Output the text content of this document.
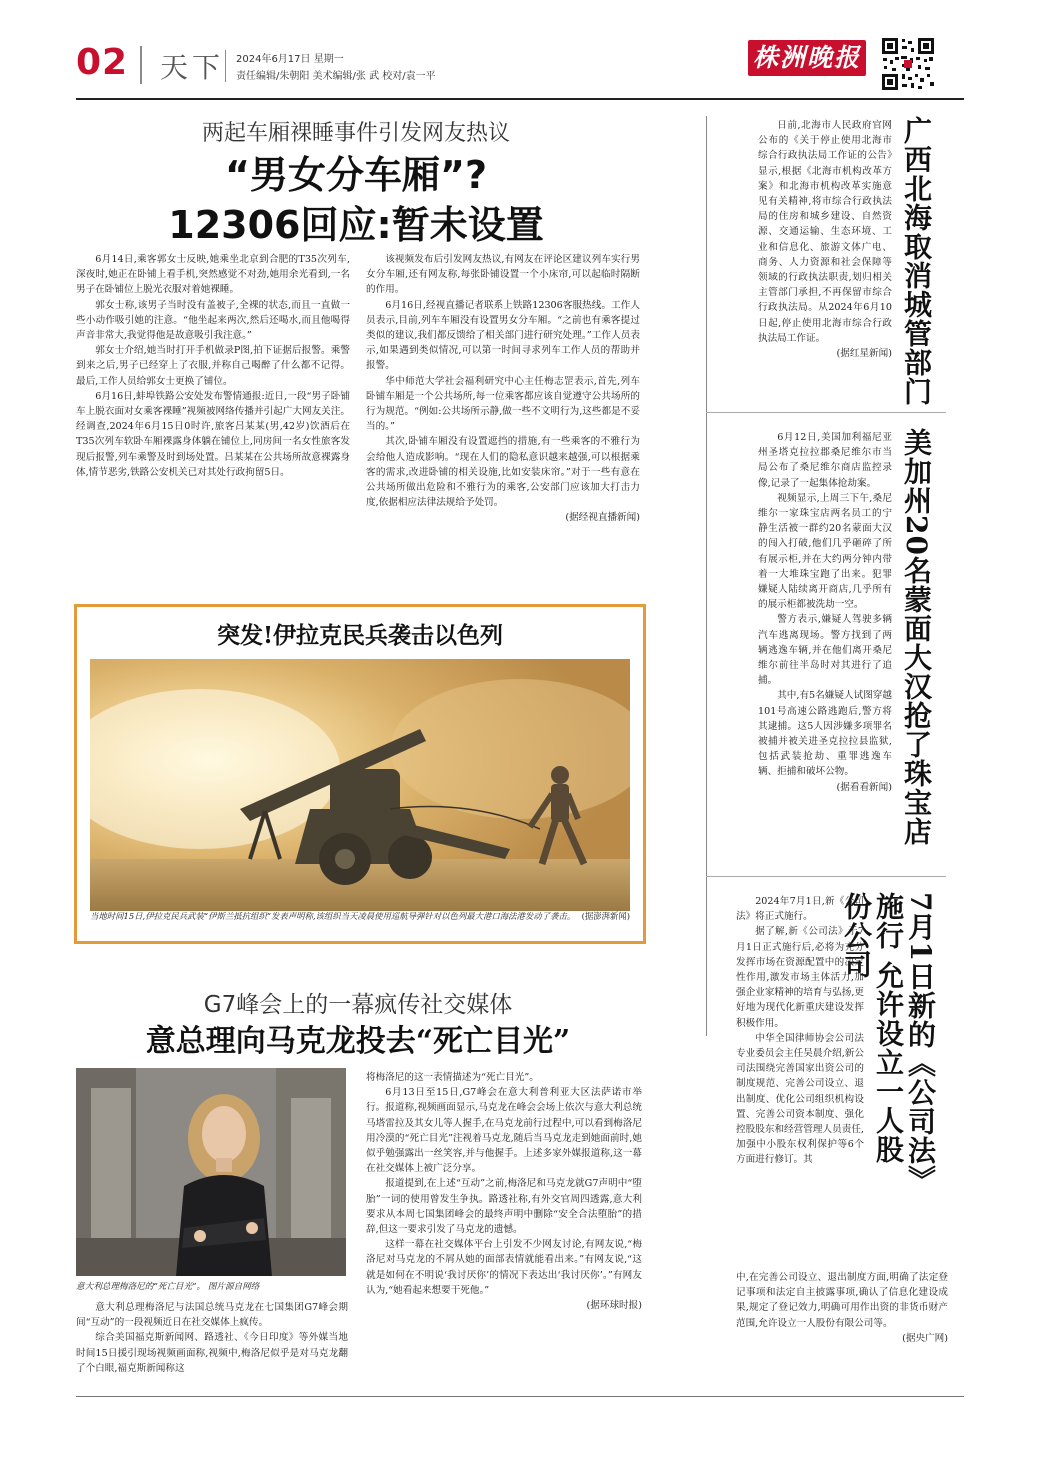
02 天下 2024年6月17日 星期一
责任编辑/朱朝阳 美术编辑/张 武 校对/袁一平
株洲晚报
两起车厢裸睡事件引发网友热议
“男女分车厢”?
12306回应:暂未设置

6月14日,乘客郭女士反映,她乘坐北京到合肥的T35次列车,深夜时,她正在卧铺上看手机,突然感觉不对劲,她用余光看到,一名男子在卧铺位上脱光衣服对着她裸睡。

郭女士称,该男子当时没有盖被子,全裸的状态,而且一直做一些小动作吸引她的注意。“他坐起来两次,然后还喝水,而且他喝得声音非常大,我觉得他是故意吸引我注意。”

郭女士介绍,她当时打开手机做录P图,拍下证据后报警。乘警到来之后,男子已经穿上了衣服,并称自己喝醉了什么都不记得。最后,工作人员给郭女士更换了铺位。

6月16日,蚌埠铁路公安处发布警情通报:近日,一段“男子卧铺车上脱衣面对女乘客裸睡”视频被网络传播并引起广大网友关注。经调查,2024年6月15日0时许,旅客吕某某(男,42岁)饮酒后在T35次列车软卧车厢裸露身体躺在铺位上,同房间一名女性旅客发现后报警,列车乘警及时到场处置。吕某某在公共场所故意裸露身体,情节恶劣,铁路公安机关已对其处行政拘留5日。

该视频发布后引发网友热议,有网友在评论区建议列车实行男女分车厢,还有网友称,每张卧铺设置一个小床帘,可以起临时隔断的作用。

6月16日,经视直播记者联系上铁路12306客服热线。工作人员表示,目前,列车车厢没有设置男女分车厢。“之前也有乘客提过类似的建议,我们都反馈给了相关部门进行研究处理。”工作人员表示,如果遇到类似情况,可以第一时间寻求列车工作人员的帮助并报警。

华中师范大学社会福利研究中心主任梅志罡表示,首先,列车卧铺车厢是一个公共场所,每一位乘客都应该自觉遵守公共场所的行为规范。“例如:公共场所示静,做一些不文明行为,这些都是不妥当的。”

其次,卧铺车厢没有设置遮挡的措施,有一些乘客的不雅行为会给他人造成影响。“现在人们的隐私意识越来越强,可以根据乘客的需求,改进卧铺的相关设施,比如安装床帘。”对于一些有意在公共场所做出危险和不雅行为的乘客,公安部门应该加大打击力度,依据相应法律法规给予处罚。

(据经视直播新闻)

突发!伊拉克民兵袭击以色列
当地时间15日,伊拉克民兵武装“伊斯兰抵抗组织”发表声明称,该组织当天凌晨使用巡航导弹针对以色列最大港口海法港发动了袭击。 (据澎湃新闻)
G7峰会上的一幕疯传社交媒体
意总理向马克龙投去“死亡目光”
意大利总理梅洛尼的“死亡目光”。 图片源自网络

意大利总理梅洛尼与法国总统马克龙在七国集团G7峰会期间“互动”的一段视频近日在社交媒体上疯传。

综合美国福克斯新闻网、路透社、《今日印度》等外媒当地时间15日援引现场视频画面称,视频中,梅洛尼似乎是对马克龙翻了个白眼,福克斯新闻称这

将梅洛尼的这一表情描述为“死亡目光”。

6月13日至15日,G7峰会在意大利普利亚大区法萨诺市举行。报道称,视频画面显示,马克龙在峰会会场上依次与意大利总统马塔雷拉及其女儿等人握手,在马克龙前行过程中,可以看到梅洛尼用冷漠的“死亡目光”注视着马克龙,随后当马克龙走到她面前时,她似乎勉强露出一丝笑容,并与他握手。上述多家外媒报道称,这一幕在社交媒体上被广泛分享。

报道提到,在上述“互动”之前,梅洛尼和马克龙就G7声明中“堕胎”一词的使用曾发生争执。路透社称,有外交官周四透露,意大利要求从本周七国集团峰会的最终声明中删除“安全合法堕胎”的措辞,但这一要求引发了马克龙的遗憾。

这样一幕在社交媒体平台上引发不少网友讨论,有网友说,“梅洛尼对马克龙的不屑从她的面部表情就能看出来。”有网友说,“这就是如何在不明说‘我讨厌你’的情况下表达出‘我讨厌你’。”有网友认为,“她看起来想要干死他。”

(据环球时报)

广西北海取消城管部门

日前,北海市人民政府官网公布的《关于停止使用北海市综合行政执法局工作证的公告》显示,根据《北海市机构改革方案》和北海市机构改革实施意见有关精神,将市综合行政执法局的住房和城乡建设、自然资源、交通运输、生态环境、工业和信息化、旅游文体广电、商务、人力资源和社会保障等领域的行政执法职责,划归相关主管部门承担,不再保留市综合行政执法局。从2024年6月10日起,停止使用北海市综合行政执法局工作证。

(据红星新闻)

美加州20名蒙面大汉抢了珠宝店

6月12日,美国加利福尼亚州圣塔克拉拉郡桑尼维尔市当局公布了桑尼维尔商店监控录像,记录了一起集体抢劫案。

视频显示,上周三下午,桑尼维尔一家珠宝店两名员工的宁静生活被一群约20名蒙面大汉的闯入打破,他们几乎砸碎了所有展示柜,并在大约两分钟内带着一大堆珠宝跑了出来。犯罪嫌疑人陆续离开商店,几乎所有的展示柜都被洗劫一空。

警方表示,嫌疑人驾驶多辆汽车逃离现场。警方找到了两辆逃逸车辆,并在他们离开桑尼维尔前往半岛时对其进行了追捕。

其中,有5名嫌疑人试图穿越101号高速公路逃跑后,警方将其逮捕。这5人因涉嫌多项罪名被捕并被关进圣克拉拉县监狱,包括武装抢劫、重罪逃逸车辆、拒捕和破坏公物。

(据看看新闻)

7月1日新的《公司法》施行 允许设立一人股份公司

2024年7月1日,新《公司法》将正式施行。

据了解,新《公司法》于7月1日正式施行后,必将为充分发挥市场在资源配置中的决定性作用,激发市场主体活力,加强企业家精神的培育与弘扬,更好地为现代化新重庆建设发挥积极作用。

中华全国律师协会公司法专业委员会主任吴晨介绍,新公司法围绕完善国家出资公司的制度规范、完善公司设立、退出制度、优化公司组织机构设置、完善公司资本制度、强化控股股东和经营管理人员责任,加强中小股东权利保护等6个方面进行修订。其

中,在完善公司设立、退出制度方面,明确了法定登记事项和法定自主披露事项,确认了信息化建设成果,规定了登记效力,明确可用作出资的非货币财产范围,允许设立一人股份有限公司等。

(据央广网)
